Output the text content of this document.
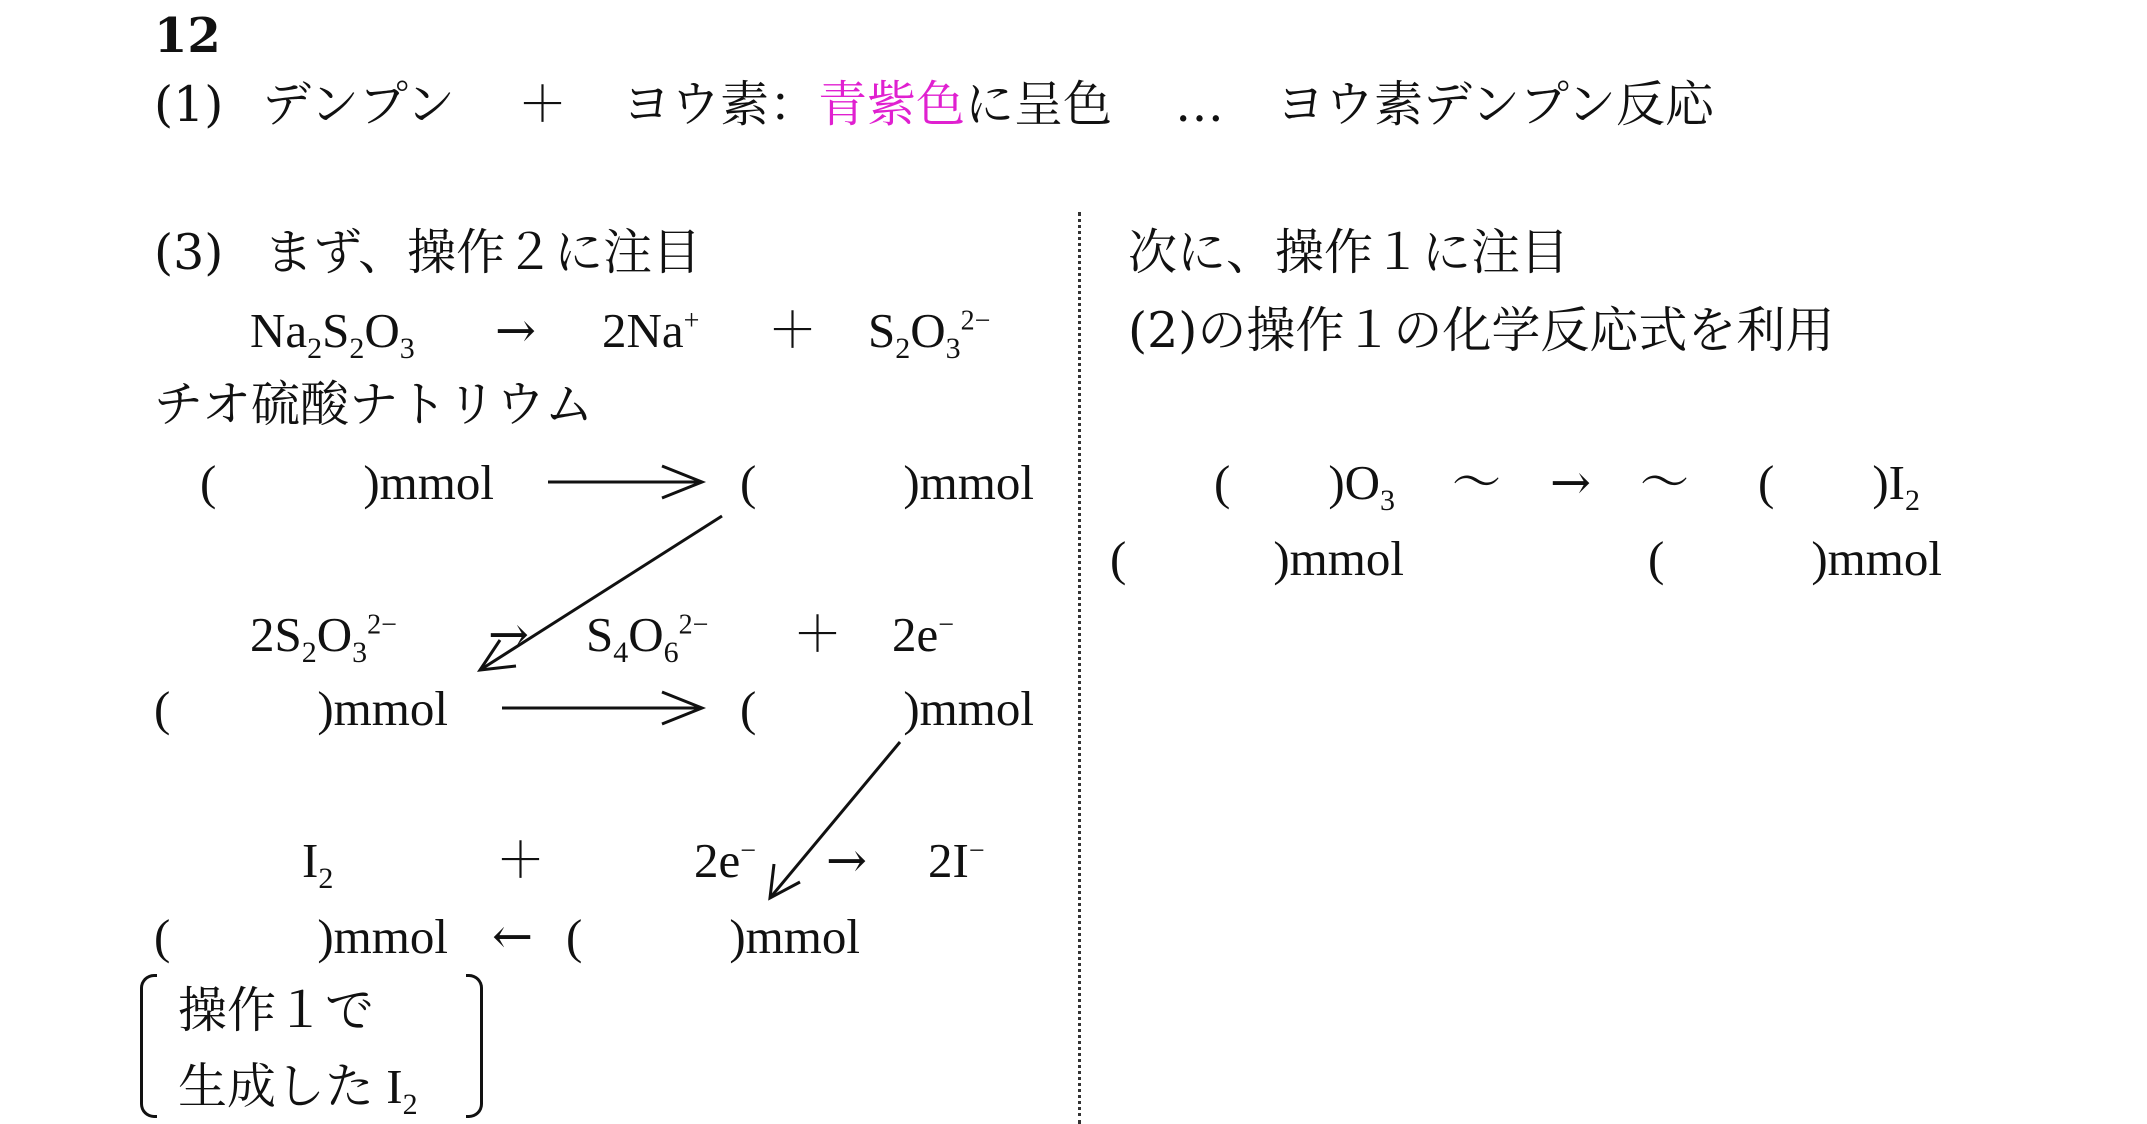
12
(1) デンプン ＋ ヨウ素： 青紫色 に呈色 … ヨウ素デンプン反応
(3) まず、操作２に注目
$Na_2S_2O_3 \to 2Na^+ + S_2O_3^{2-}$
チオ硫酸ナトリウム
(　　　)mmol	(　　　)mmol
$2S_2O_3^{2-} \to S_4O_6^{2-} + 2e^-$
(　　　)mmol	(　　　)mmol
$I_2$	＋	2e− → 2I−
(　　　)mmol ← (　　　)mmol
操作１で
生成した $I_2$
次に、操作１に注目
(2)の操作１の化学反応式を利用
(　　)$O_3$ 〜　→　〜 (　　)$I_2$
(　　　)mmol	(　　　)mmol
